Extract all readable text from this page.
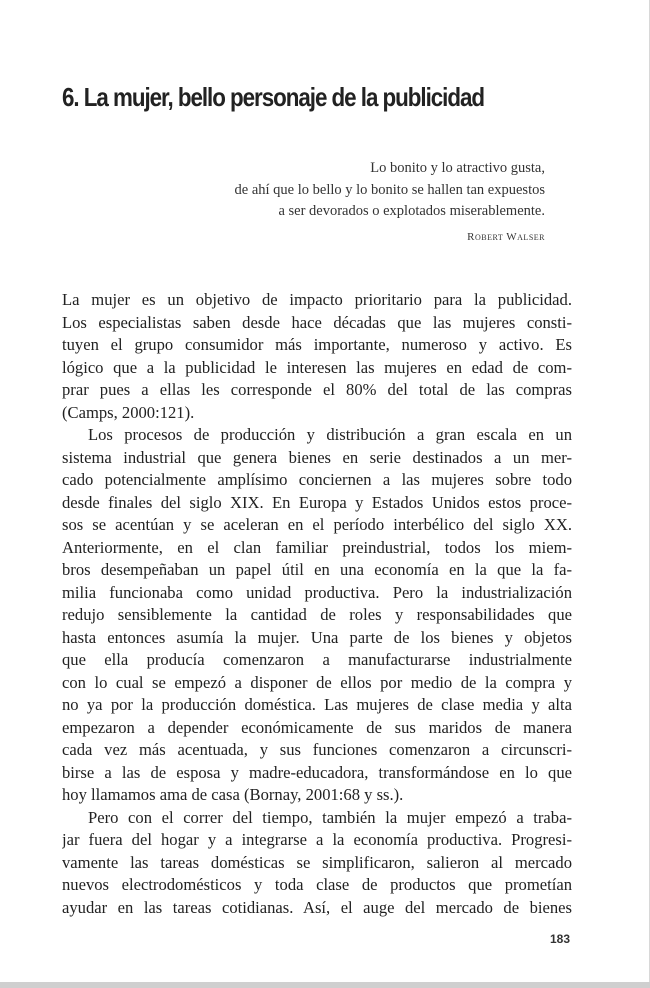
6. La mujer, bello personaje de la publicidad
Lo bonito y lo atractivo gusta,
de ahí que lo bello y lo bonito se hallen tan expuestos
a ser devorados o explotados miserablemente.
Robert Walser
La mujer es un objetivo de impacto prioritario para la publicidad.
Los especialistas saben desde hace décadas que las mujeres consti-
tuyen el grupo consumidor más importante, numeroso y activo. Es
lógico que a la publicidad le interesen las mujeres en edad de com-
prar pues a ellas les corresponde el 80% del total de las compras
(Camps, 2000:121).
Los procesos de producción y distribución a gran escala en un
sistema industrial que genera bienes en serie destinados a un mer-
cado potencialmente amplísimo conciernen a las mujeres sobre todo
desde finales del siglo XIX. En Europa y Estados Unidos estos proce-
sos se acentúan y se aceleran en el período interbélico del siglo XX.
Anteriormente, en el clan familiar preindustrial, todos los miem-
bros desempeñaban un papel útil en una economía en la que la fa-
milia funcionaba como unidad productiva. Pero la industrialización
redujo sensiblemente la cantidad de roles y responsabilidades que
hasta entonces asumía la mujer. Una parte de los bienes y objetos
que ella producía comenzaron a manufacturarse industrialmente
con lo cual se empezó a disponer de ellos por medio de la compra y
no ya por la producción doméstica. Las mujeres de clase media y alta
empezaron a depender económicamente de sus maridos de manera
cada vez más acentuada, y sus funciones comenzaron a circunscri-
birse a las de esposa y madre-educadora, transformándose en lo que
hoy llamamos ama de casa (Bornay, 2001:68 y ss.).
Pero con el correr del tiempo, también la mujer empezó a traba-
jar fuera del hogar y a integrarse a la economía productiva. Progresi-
vamente las tareas domésticas se simplificaron, salieron al mercado
nuevos electrodomésticos y toda clase de productos que prometían
ayudar en las tareas cotidianas. Así, el auge del mercado de bienes
183
